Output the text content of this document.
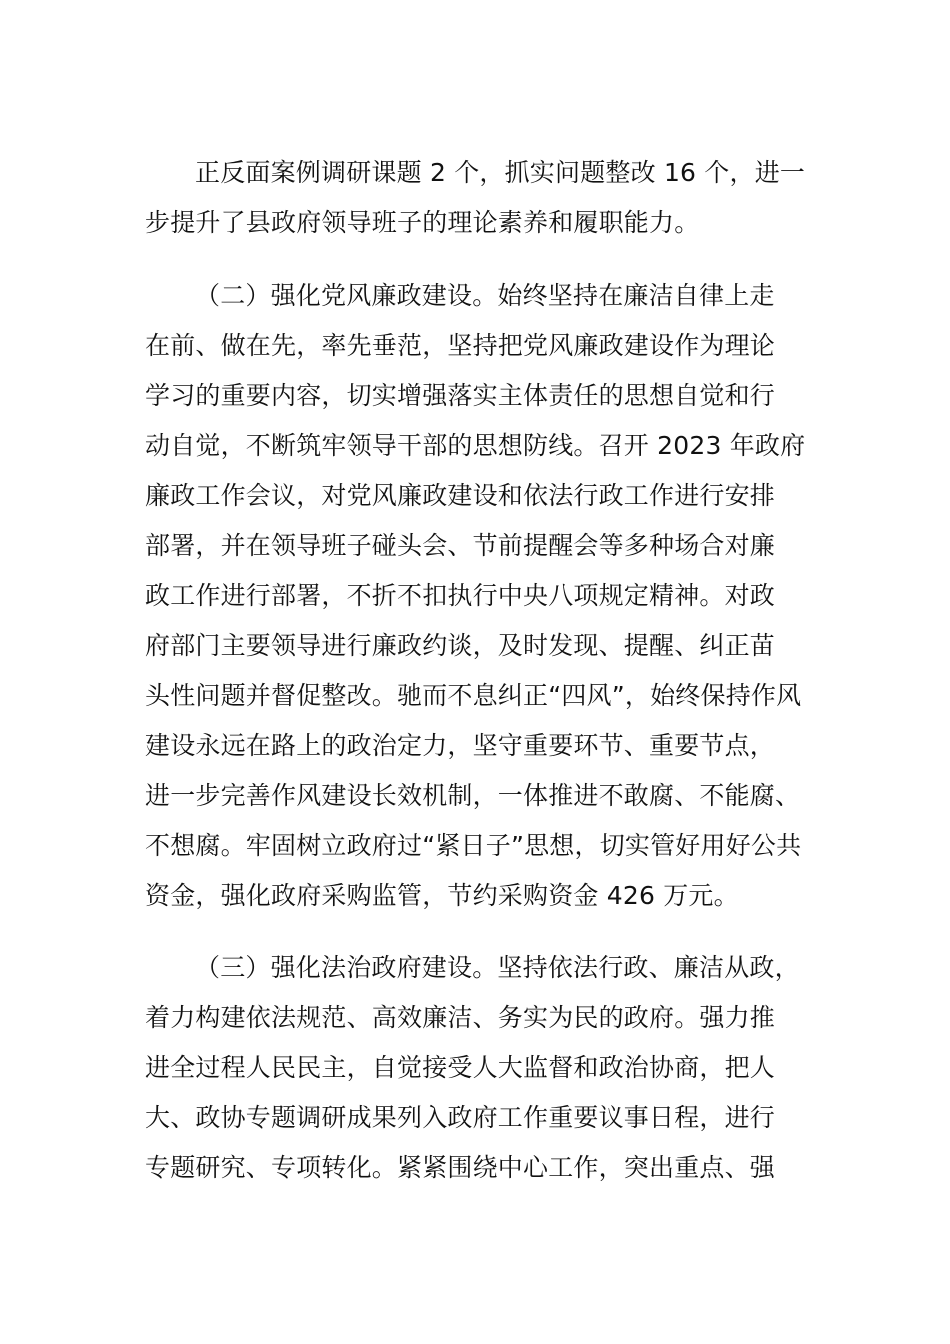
正反面案例调研课题 2 个，抓实问题整改 16 个，进一
步提升了县政府领导班子的理论素养和履职能力。
（二）强化党风廉政建设。始终坚持在廉洁自律上走
在前、做在先，率先垂范，坚持把党风廉政建设作为理论
学习的重要内容，切实增强落实主体责任的思想自觉和行
动自觉，不断筑牢领导干部的思想防线。召开 2023 年政府
廉政工作会议，对党风廉政建设和依法行政工作进行安排
部署，并在领导班子碰头会、节前提醒会等多种场合对廉
政工作进行部署，不折不扣执行中央八项规定精神。对政
府部门主要领导进行廉政约谈，及时发现、提醒、纠正苗
头性问题并督促整改。驰而不息纠正“四风”，始终保持作风
建设永远在路上的政治定力，坚守重要环节、重要节点，
进一步完善作风建设长效机制，一体推进不敢腐、不能腐、
不想腐。牢固树立政府过“紧日子”思想，切实管好用好公共
资金，强化政府采购监管，节约采购资金 426 万元。
（三）强化法治政府建设。坚持依法行政、廉洁从政，
着力构建依法规范、高效廉洁、务实为民的政府。强力推
进全过程人民民主，自觉接受人大监督和政治协商，把人
大、政协专题调研成果列入政府工作重要议事日程，进行
专题研究、专项转化。紧紧围绕中心工作，突出重点、强
